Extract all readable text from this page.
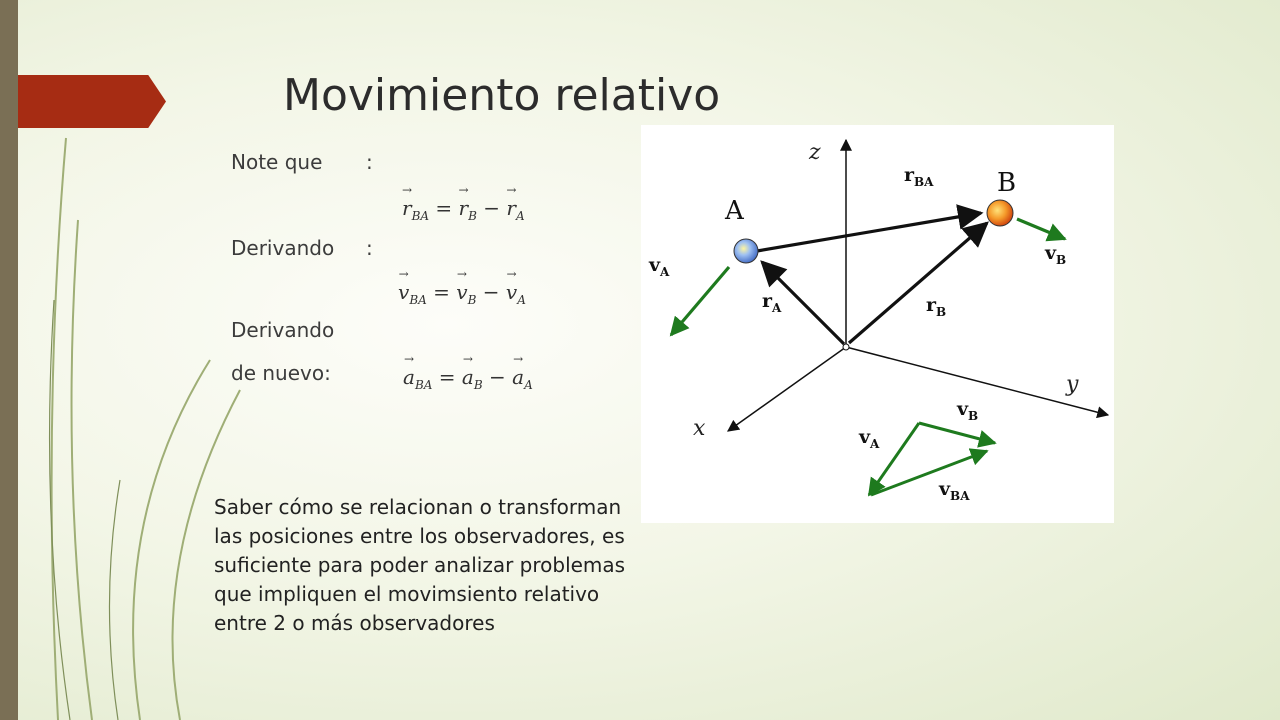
Movimiento relativo
Note que :
→ $r_{BA}$ = → $r_B$ − → $r_A$
Derivando :
→ $v_{BA}$ = → $v_B$ − → $v_A$
Derivando
de nuevo:	→ $a_{BA}$ = → $a_B$ − → $a_A$
z
y
x
A
B
$r_{BA}$
$r_A$	$r_B$
$v_A$
$v_B$
$v_B$
$v_A$
$v_{BA}$
Saber cómo se relacionan o transforman
las posiciones entre los observadores, es
suficiente para poder analizar problemas
que impliquen el movimsiento relativo
entre 2 o más observadores
